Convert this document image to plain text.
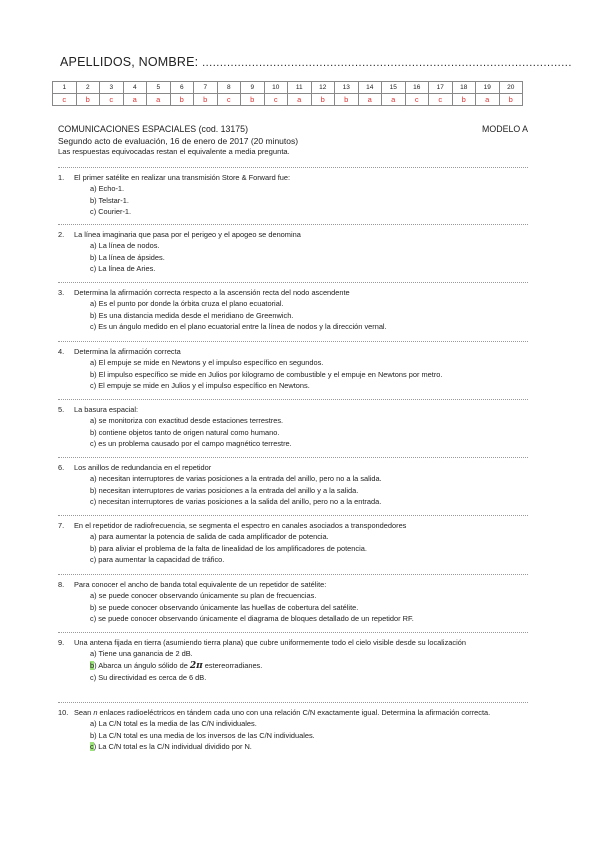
APELLIDOS, NOMBRE: ........................................................................................................
1	2	3	4	5	6	7	8	9	10	11	12	13	14	15	16	17	18	19	20
c	b	c	a	a	b	b	c	b	c	a	b	b	a	a	c	c	b	a	b
COMUNICACIONES ESPACIALES (cod. 13175)	MODELO A
Segundo acto de evaluación, 16 de enero de 2017 (20 minutos)
Las respuestas equivocadas restan el equivalente a media pregunta.
1.	El primer satélite en realizar una transmisión Store & Forward fue:
a) Echo-1.
b) Telstar-1.
c) Courier-1.
2.	La línea imaginaria que pasa por el perigeo y el apogeo se denomina
a) La línea de nodos.
b) La línea de ápsides.
c) La línea de Aries.
3.	Determina la afirmación correcta respecto a la ascensión recta del nodo ascendente
a) Es el punto por donde la órbita cruza el plano ecuatorial.
b) Es una distancia medida desde el meridiano de Greenwich.
c) Es un ángulo medido en el plano ecuatorial entre la línea de nodos y la dirección vernal.
4.	Determina la afirmación correcta
a) El empuje se mide en Newtons y el impulso específico en segundos.
b) El impulso específico se mide en Julios por kilogramo de combustible y el empuje en Newtons por metro.
c) El empuje se mide en Julios y el impulso específico en Newtons.
5.	La basura espacial:
a) se monitoriza con exactitud desde estaciones terrestres.
b) contiene objetos tanto de origen natural como humano.
c) es un problema causado por el campo magnético terrestre.
6.	Los anillos de redundancia en el repetidor
a) necesitan interruptores de varias posiciones a la entrada del anillo, pero no a la salida.
b) necesitan interruptores de varias posiciones a la entrada del anillo y a la salida.
c) necesitan interruptores de varias posiciones a la salida del anillo, pero no a la entrada.
7.	En el repetidor de radiofrecuencia, se segmenta el espectro en canales asociados a transpondedores
a) para aumentar la potencia de salida de cada amplificador de potencia.
b) para aliviar el problema de la falta de linealidad de los amplificadores de potencia.
c) para aumentar la capacidad de tráfico.
8.	Para conocer el ancho de banda total equivalente de un repetidor de satélite:
a) se puede conocer observando únicamente su plan de frecuencias.
b) se puede conocer observando únicamente las huellas de cobertura del satélite.
c) se puede conocer observando únicamente el diagrama de bloques detallado de un repetidor RF.
9.	Una antena fijada en tierra (asumiendo tierra plana) que cubre uniformemente todo el cielo visible desde su localización
a) Tiene una ganancia de 2 dB.
b) Abarca un ángulo sólido de 2π estereorradianes.
c) Su directividad es cerca de 6 dB.
10. Sean n enlaces radioeléctricos en tándem cada uno con una relación C/N exactamente igual. Determina la afirmación correcta.
a) La C/N total es la media de las C/N individuales.
b) La C/N total es una media de los inversos de las C/N individuales.
c) La C/N total es la C/N individual dividido por N.
